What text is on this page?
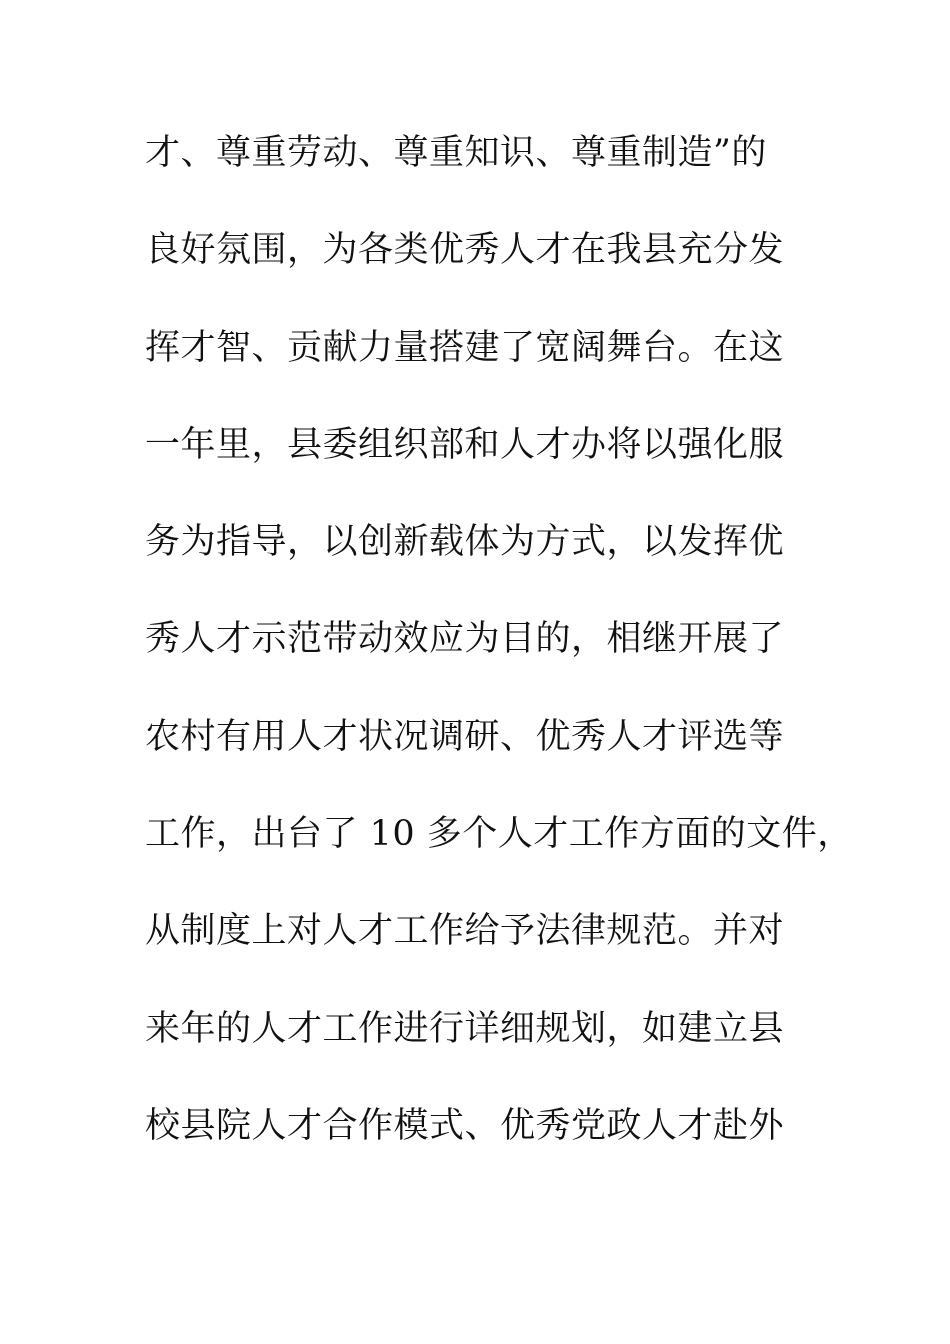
才、尊重劳动、尊重知识、尊重制造”的
良好氛围，为各类优秀人才在我县充分发
挥才智、贡献力量搭建了宽阔舞台。在这
一年里，县委组织部和人才办将以强化服
务为指导，以创新载体为方式，以发挥优
秀人才示范带动效应为目的，相继开展了
农村有用人才状况调研、优秀人才评选等
工作，出台了 10 多个人才工作方面的文件，
从制度上对人才工作给予法律规范。并对
来年的人才工作进行详细规划，如建立县
校县院人才合作模式、优秀党政人才赴外
